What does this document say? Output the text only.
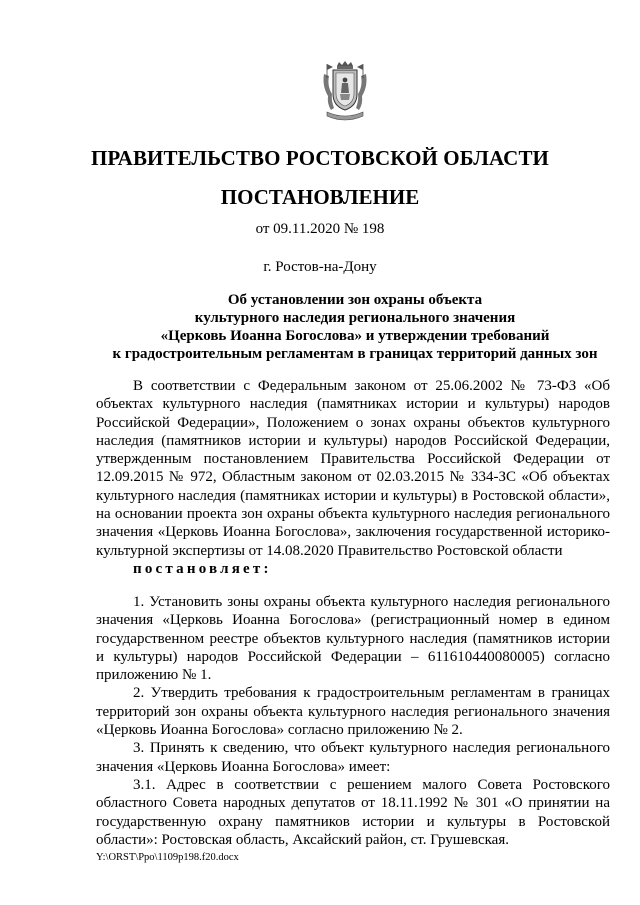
ПРАВИТЕЛЬСТВО РОСТОВСКОЙ ОБЛАСТИ
ПОСТАНОВЛЕНИЕ
от 09.11.2020 № 198
г. Ростов-на-Дону
Об установлении зон охраны объекта
культурного наследия регионального значения
«Церковь Иоанна Богослова» и утверждении требований
к градостроительным регламентам в границах территорий данных зон

В соответствии с Федеральным законом от 25.06.2002 № 73-ФЗ «Об объектах культурного наследия (памятниках истории и культуры) народов Российской Федерации», Положением о зонах охраны объектов культурного наследия (памятников истории и культуры) народов Российской Федерации, утвержденным постановлением Правительства Российской Федерации от 12.09.2015 № 972, Областным законом от 02.03.2015 № 334-ЗС «Об объектах культурного наследия (памятниках истории и культуры) в Ростовской области», на основании проекта зон охраны объекта культурного наследия регионального значения «Церковь Иоанна Богослова», заключения государственной историко-культурной экспертизы от 14.08.2020 Правительство Ростовской области

постановляет:

1. Установить зоны охраны объекта культурного наследия регионального значения «Церковь Иоанна Богослова» (регистрационный номер в едином государственном реестре объектов культурного наследия (памятников истории и культуры) народов Российской Федерации – 611610440080005) согласно приложению № 1.

2. Утвердить требования к градостроительным регламентам в границах территорий зон охраны объекта культурного наследия регионального значения «Церковь Иоанна Богослова» согласно приложению № 2.

3. Принять к сведению, что объект культурного наследия регионального значения «Церковь Иоанна Богослова» имеет:

3.1. Адрес в соответствии с решением малого Совета Ростовского областного Совета народных депутатов от 18.11.1992 № 301 «О принятии на государственную охрану памятников истории и культуры в Ростовской области»: Ростовская область, Аксайский район, ст. Грушевская.

Y:\ORST\Ppo\1109p198.f20.docx
